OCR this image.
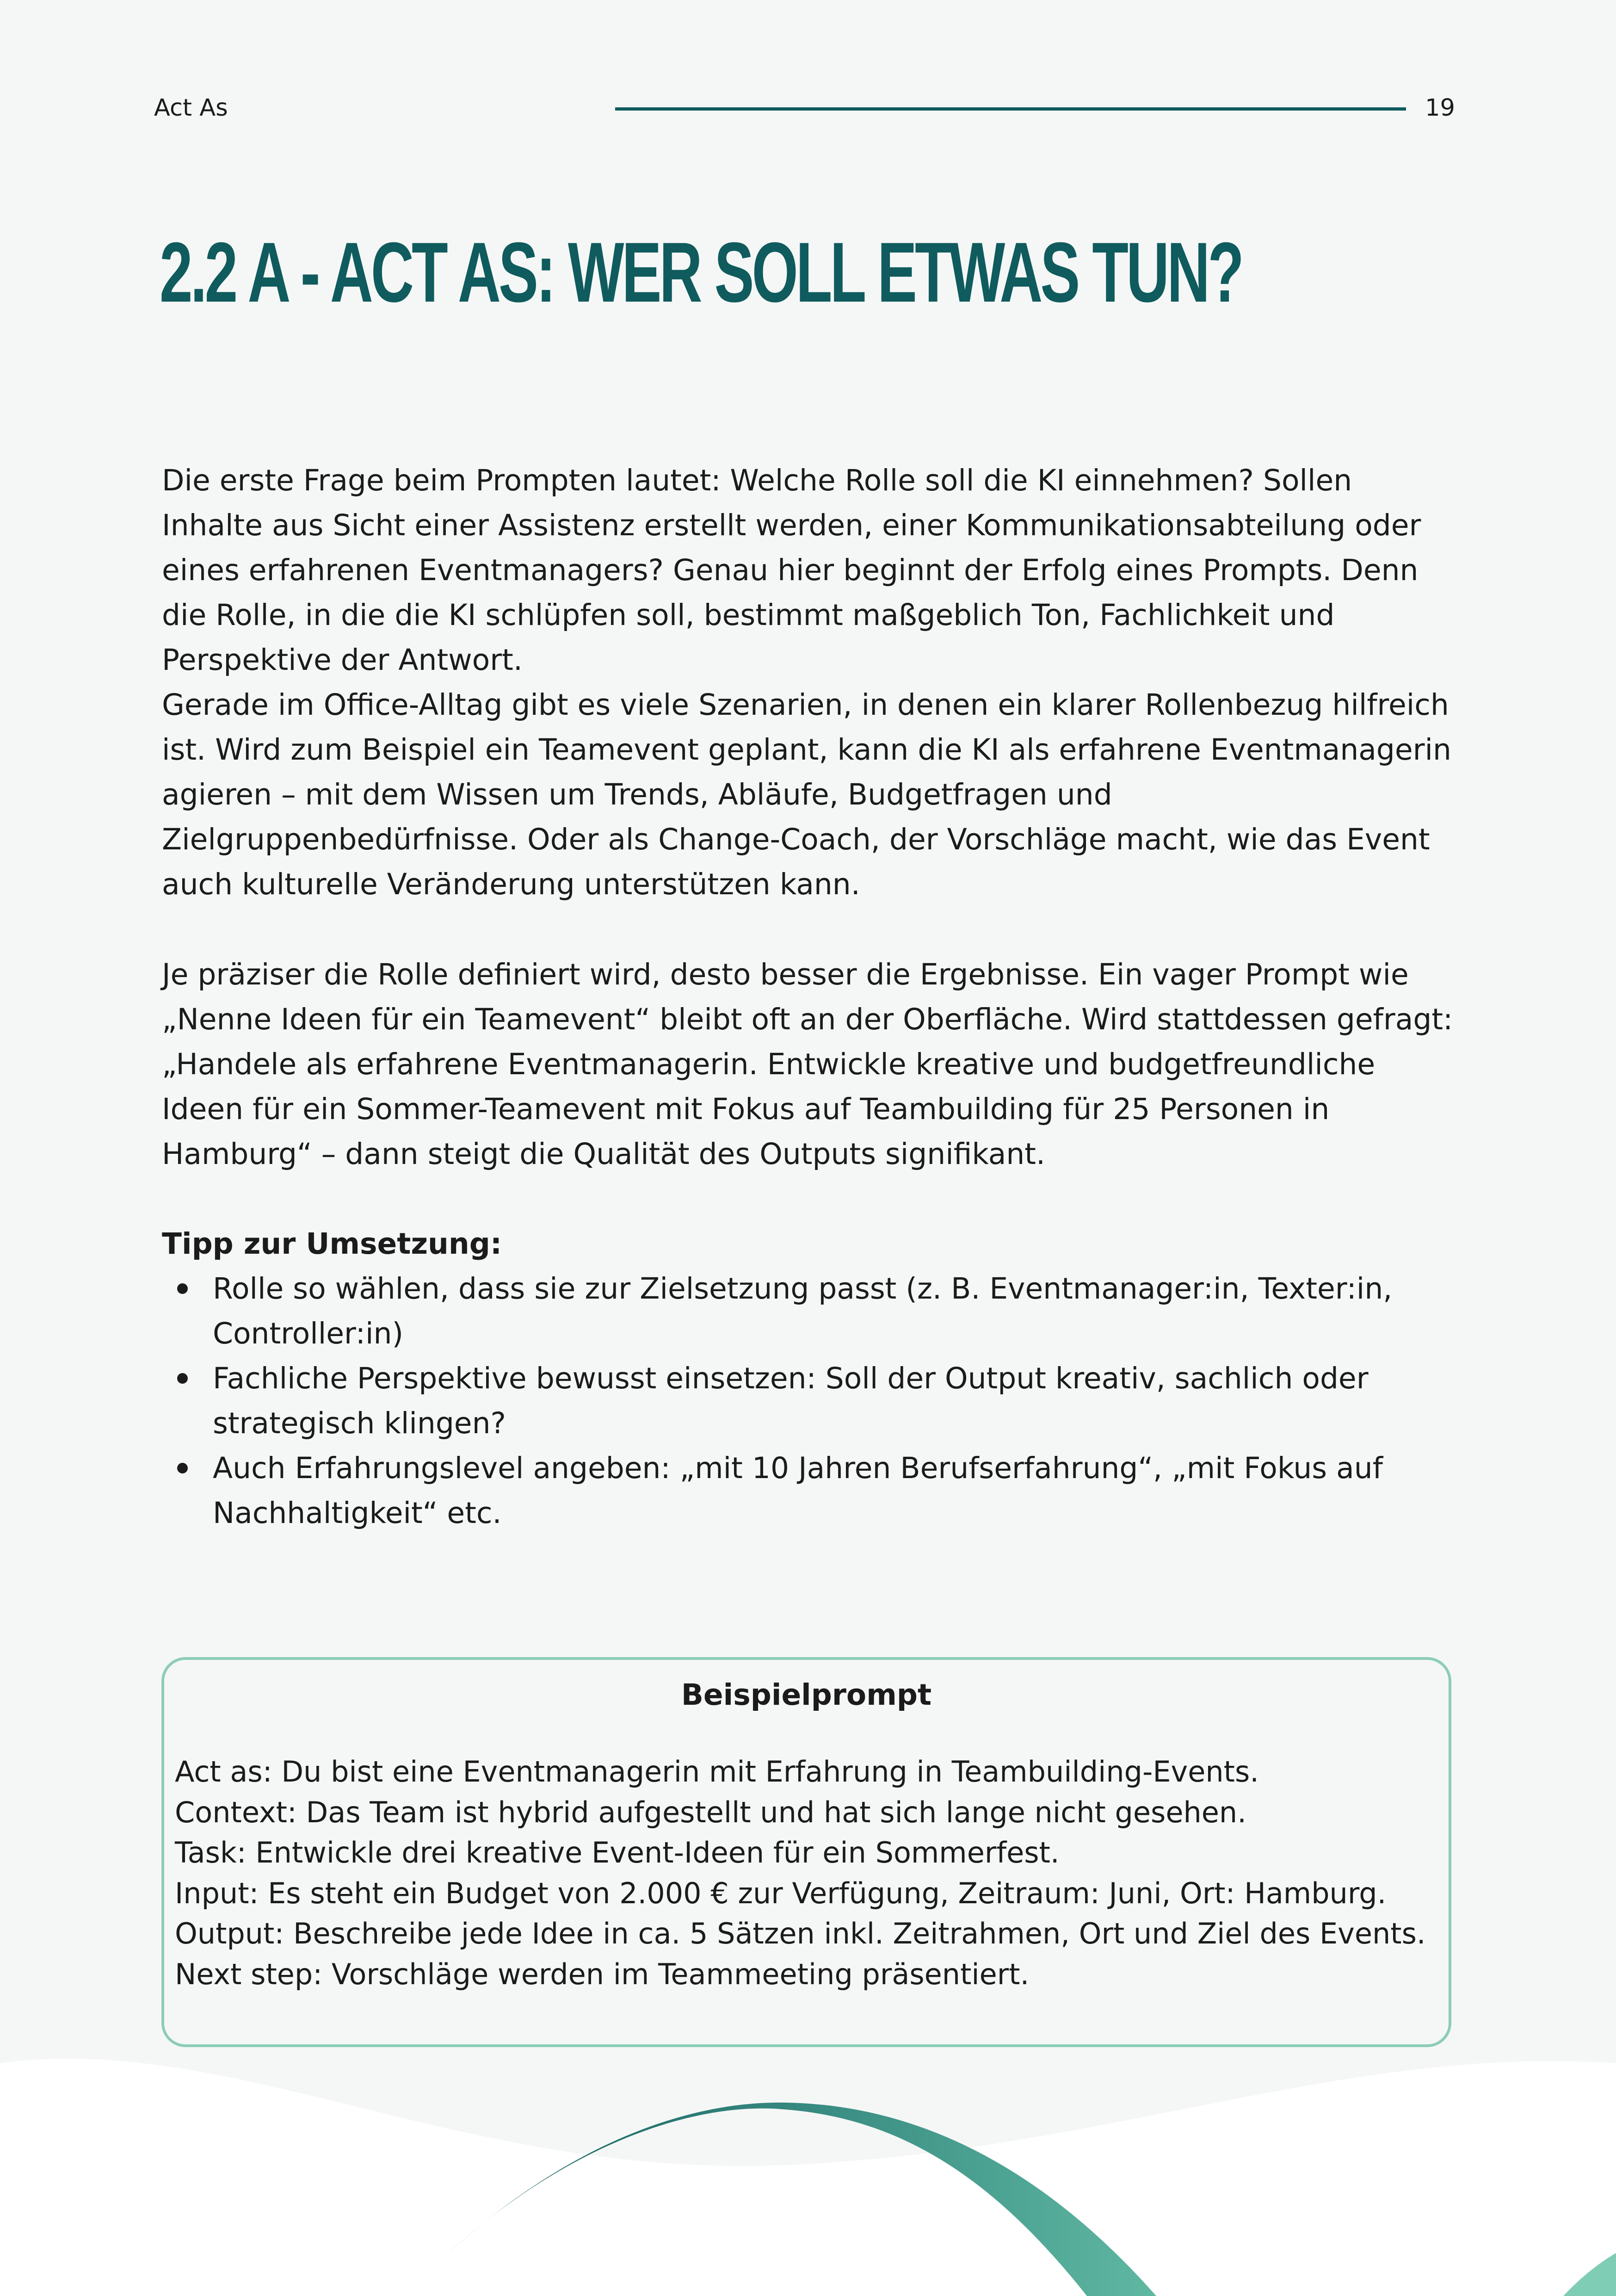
Act As	19
2.2 A - ACT AS: WER SOLL ETWAS TUN?

Die erste Frage beim Prompten lautet: Welche Rolle soll die KI einnehmen? Sollen Inhalte aus Sicht einer Assistenz erstellt werden, einer Kommunikationsabteilung oder eines erfahrenen Eventmanagers? Genau hier beginnt der Erfolg eines Prompts. Denn die Rolle, in die die KI schlüpfen soll, bestimmt maßgeblich Ton, Fachlichkeit und Perspektive der Antwort.

Gerade im Office-Alltag gibt es viele Szenarien, in denen ein klarer Rollenbezug hilfreich ist. Wird zum Beispiel ein Teamevent geplant, kann die KI als erfahrene Eventmanagerin agieren – mit dem Wissen um Trends, Abläufe, Budgetfragen und Zielgruppenbedürfnisse. Oder als Change-Coach, der Vorschläge macht, wie das Event auch kulturelle Veränderung unterstützen kann.

Je präziser die Rolle definiert wird, desto besser die Ergebnisse. Ein vager Prompt wie „Nenne Ideen für ein Teamevent“ bleibt oft an der Oberfläche. Wird stattdessen gefragt: „Handele als erfahrene Eventmanagerin. Entwickle kreative und budgetfreundliche Ideen für ein Sommer-Teamevent mit Fokus auf Teambuilding für 25 Personen in Hamburg“ – dann steigt die Qualität des Outputs signifikant.

Tipp zur Umsetzung:
Rolle so wählen, dass sie zur Zielsetzung passt (z. B. Eventmanager:in, Texter:in, Controller:in)
Fachliche Perspektive bewusst einsetzen: Soll der Output kreativ, sachlich oder strategisch klingen?
Auch Erfahrungslevel angeben: „mit 10 Jahren Berufserfahrung“, „mit Fokus auf Nachhaltigkeit“ etc.
Beispielprompt
Act as: Du bist eine Eventmanagerin mit Erfahrung in Teambuilding-Events.
Context: Das Team ist hybrid aufgestellt und hat sich lange nicht gesehen.
Task: Entwickle drei kreative Event-Ideen für ein Sommerfest.
Input: Es steht ein Budget von 2.000 € zur Verfügung, Zeitraum: Juni, Ort: Hamburg.
Output: Beschreibe jede Idee in ca. 5 Sätzen inkl. Zeitrahmen, Ort und Ziel des Events.
Next step: Vorschläge werden im Teammeeting präsentiert.
